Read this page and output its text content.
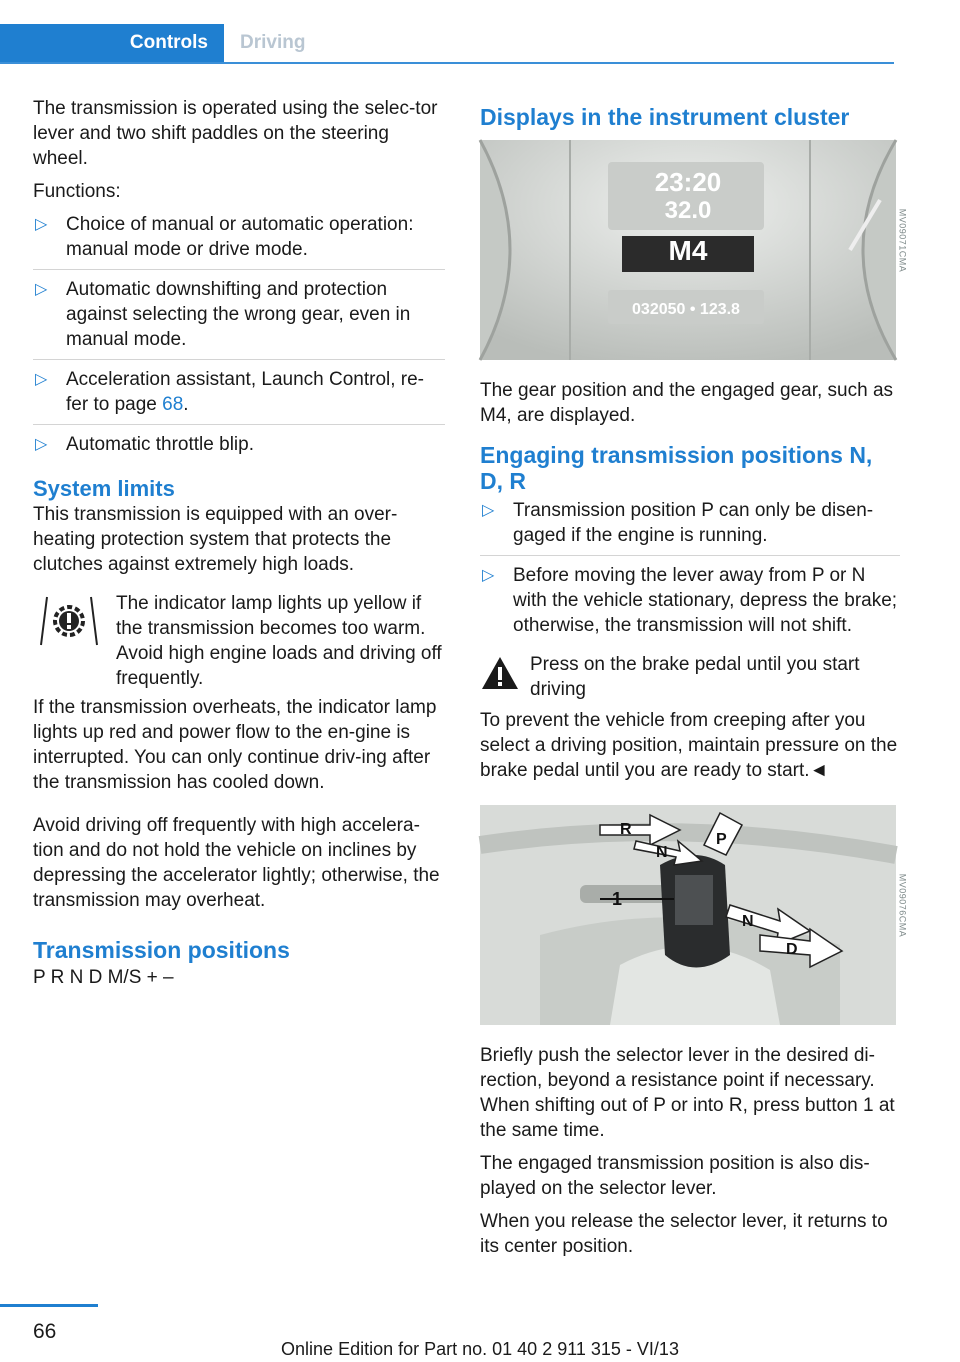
Controls Driving

The transmission is operated using the selec-tor lever and two shift paddles on the steering wheel.

Functions:

▷ Choice of manual or automatic operation: manual mode or drive mode.
▷ Automatic downshifting and protection against selecting the wrong gear, even in manual mode.
▷ Acceleration assistant, Launch Control, re-fer to page 68.
▷ Automatic throttle blip.
System limits

This transmission is equipped with an over-heating protection system that protects the clutches against extremely high loads.

The indicator lamp lights up yellow if the transmission becomes too warm. Avoid high engine loads and driving off frequently.

If the transmission overheats, the indicator lamp lights up red and power flow to the en-gine is interrupted. You can only continue driv-ing after the transmission has cooled down.

Avoid driving off frequently with high accelera-tion and do not hold the vehicle on inclines by depressing the accelerator lightly; otherwise, the transmission may overheat.

Transmission positions

P R N D M/S + –

Displays in the instrument cluster
23:20
32.0
M4
032050 • 123.8
MV09071CMA

The gear position and the engaged gear, such as M4, are displayed.

Engaging transmission positions N, D, R
▷ Transmission position P can only be disen-gaged if the engine is running.
▷ Before moving the lever away from P or N with the vehicle stationary, depress the brake; otherwise, the transmission will not shift.
Press on the brake pedal until you start driving

To prevent the vehicle from creeping after you select a driving position, maintain pressure on the brake pedal until you are ready to start.◄

R
N
P
1
N
D
MV09076CMA

Briefly push the selector lever in the desired di-rection, beyond a resistance point if necessary. When shifting out of P or into R, press button 1 at the same time.

The engaged transmission position is also dis-played on the selector lever.

When you release the selector lever, it returns to its center position.

66
Online Edition for Part no. 01 40 2 911 315 - VI/13
